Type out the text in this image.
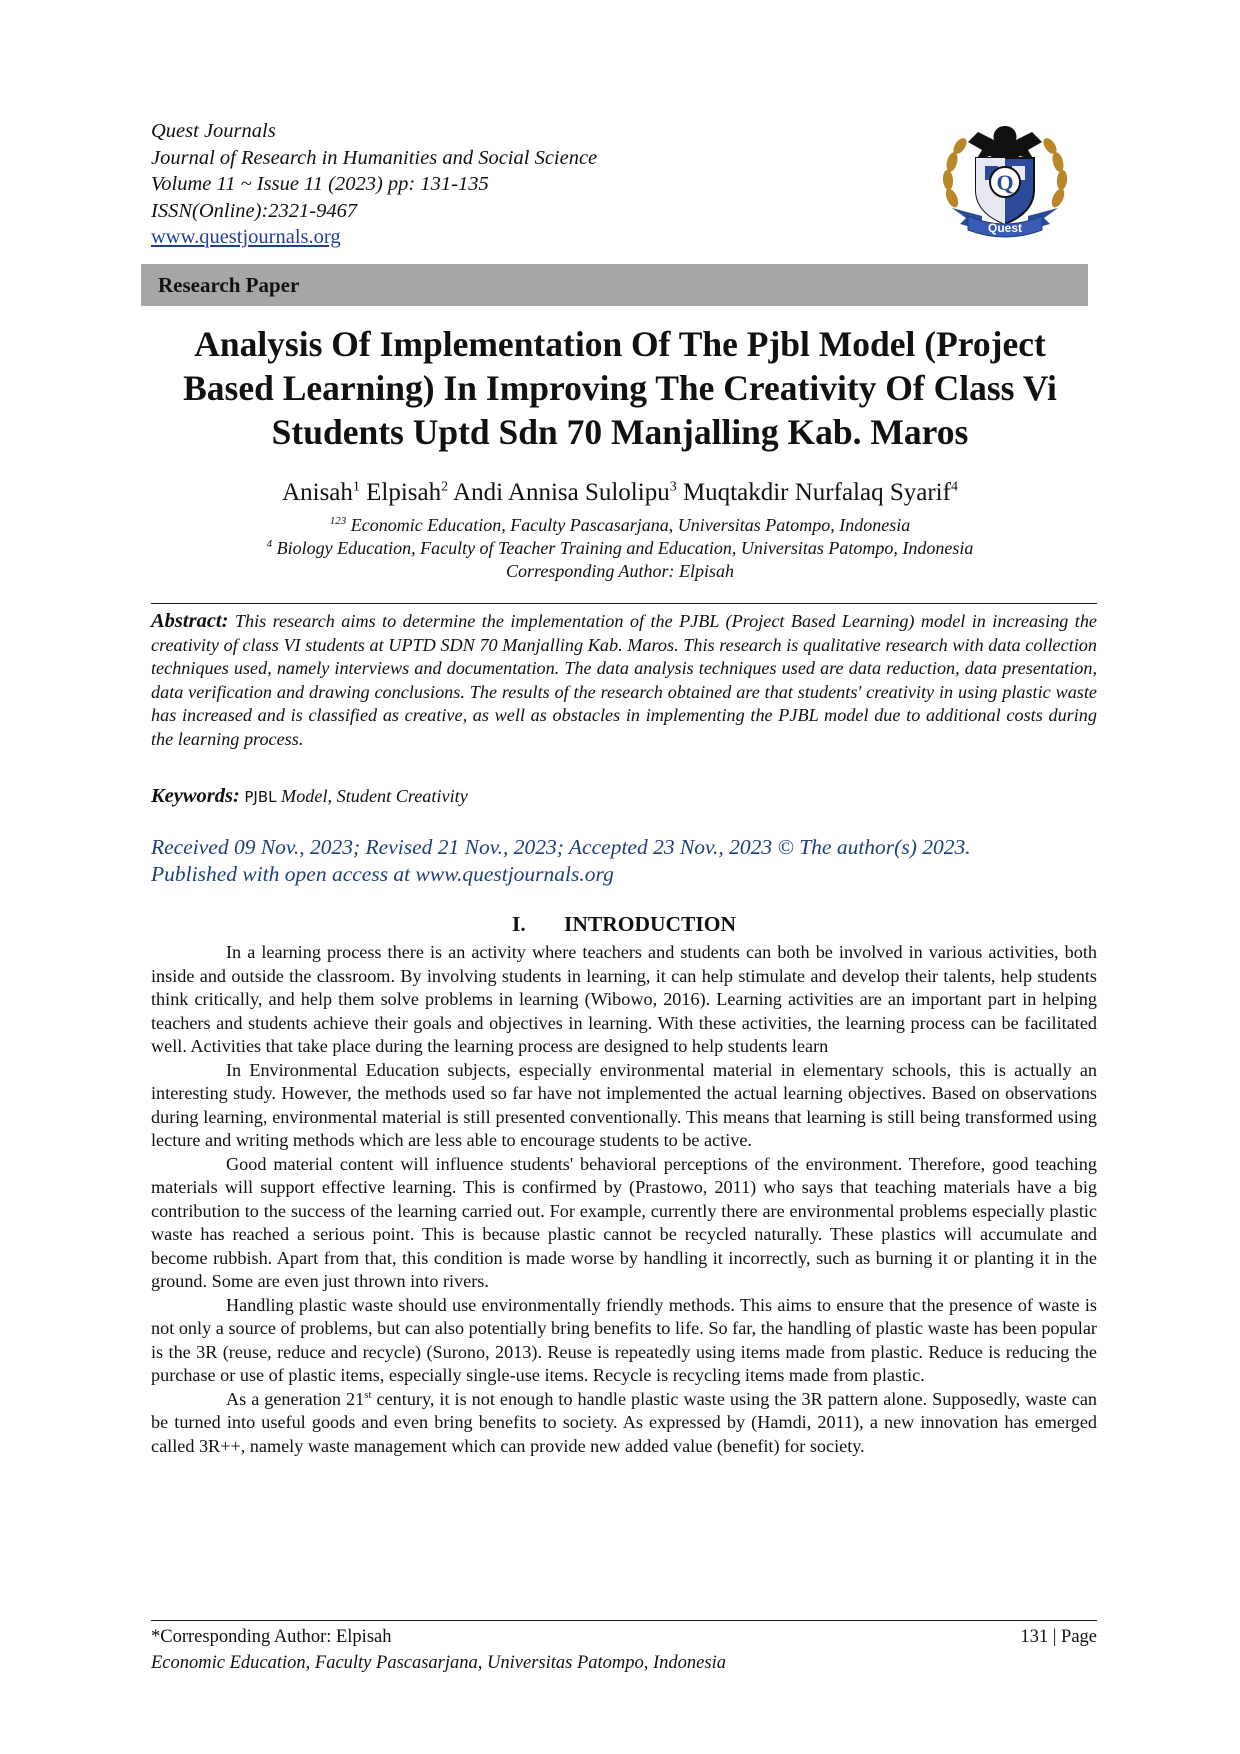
Quest Journals
Journal of Research in Humanities and Social Science
Volume 11 ~ Issue 11 (2023) pp: 131-135
ISSN(Online):2321-9467
www.questjournals.org
Q
Quest
Research Paper
Analysis Of Implementation Of The Pjbl Model (Project
Based Learning) In Improving The Creativity Of Class Vi
Students Uptd Sdn 70 Manjalling Kab. Maros
Anisah$^1$ Elpisah$^2$ Andi Annisa Sulolipu$^3$ Muqtakdir Nurfalaq Syarif$^4$
$^{123}$ Economic Education, Faculty Pascasarjana, Universitas Patompo, Indonesia
$^4$ Biology Education, Faculty of Teacher Training and Education, Universitas Patompo, Indonesia
Corresponding Author: Elpisah
Abstract: This research aims to determine the implementation of the PJBL (Project Based Learning) model in increasing the creativity of class VI students at UPTD SDN 70 Manjalling Kab. Maros. This research is qualitative research with data collection techniques used, namely interviews and documentation. The data analysis techniques used are data reduction, data presentation, data verification and drawing conclusions. The results of the research obtained are that students' creativity in using plastic waste has increased and is classified as creative, as well as obstacles in implementing the PJBL model due to additional costs during the learning process.
Keywords: PJBL Model, Student Creativity
Received 09 Nov., 2023; Revised 21 Nov., 2023; Accepted 23 Nov., 2023 © The author(s) 2023.
Published with open access at www.questjournals.org
I. INTRODUCTION

In a learning process there is an activity where teachers and students can both be involved in various activities, both inside and outside the classroom. By involving students in learning, it can help stimulate and develop their talents, help students think critically, and help them solve problems in learning (Wibowo, 2016). Learning activities are an important part in helping teachers and students achieve their goals and objectives in learning. With these activities, the learning process can be facilitated well. Activities that take place during the learning process are designed to help students learn

In Environmental Education subjects, especially environmental material in elementary schools, this is actually an interesting study. However, the methods used so far have not implemented the actual learning objectives. Based on observations during learning, environmental material is still presented conventionally. This means that learning is still being transformed using lecture and writing methods which are less able to encourage students to be active.

Good material content will influence students' behavioral perceptions of the environment. Therefore, good teaching materials will support effective learning. This is confirmed by (Prastowo, 2011) who says that teaching materials have a big contribution to the success of the learning carried out. For example, currently there are environmental problems especially plastic waste has reached a serious point. This is because plastic cannot be recycled naturally. These plastics will accumulate and become rubbish. Apart from that, this condition is made worse by handling it incorrectly, such as burning it or planting it in the ground. Some are even just thrown into rivers.

Handling plastic waste should use environmentally friendly methods. This aims to ensure that the presence of waste is not only a source of problems, but can also potentially bring benefits to life. So far, the handling of plastic waste has been popular is the 3R (reuse, reduce and recycle) (Surono, 2013). Reuse is repeatedly using items made from plastic. Reduce is reducing the purchase or use of plastic items, especially single-use items. Recycle is recycling items made from plastic.

As a generation 21st century, it is not enough to handle plastic waste using the 3R pattern alone. Supposedly, waste can be turned into useful goods and even bring benefits to society. As expressed by (Hamdi, 2011), a new innovation has emerged called 3R++, namely waste management which can provide new added value (benefit) for society.

*Corresponding Author: Elpisah	131 | Page
Economic Education, Faculty Pascasarjana, Universitas Patompo, Indonesia
